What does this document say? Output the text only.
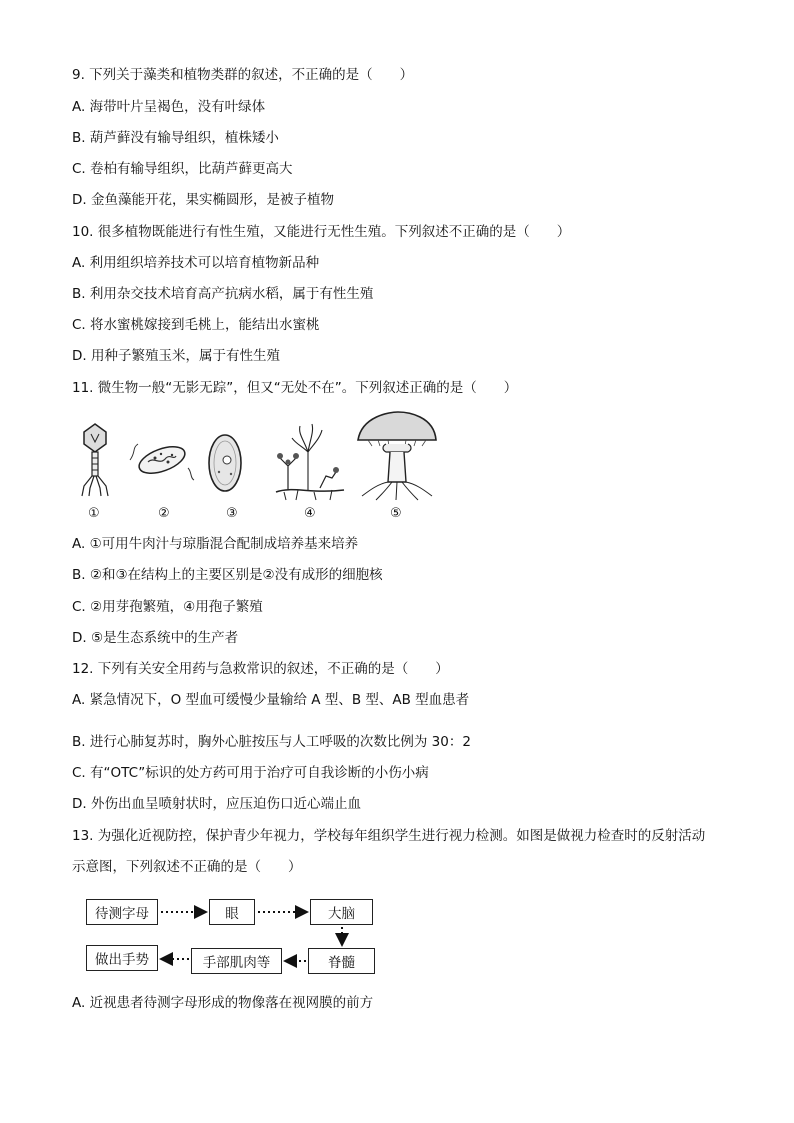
9. 下列关于藻类和植物类群的叙述，不正确的是（　　）
A. 海带叶片呈褐色，没有叶绿体
B. 葫芦藓没有输导组织，植株矮小
C. 卷柏有输导组织，比葫芦藓更高大
D. 金鱼藻能开花，果实椭圆形，是被子植物
10. 很多植物既能进行有性生殖，又能进行无性生殖。下列叙述不正确的是（　　）
A. 利用组织培养技术可以培育植物新品种
B. 利用杂交技术培育高产抗病水稻，属于有性生殖
C. 将水蜜桃嫁接到毛桃上，能结出水蜜桃
D. 用种子繁殖玉米，属于有性生殖
11. 微生物一般“无影无踪”，但又“无处不在”。下列叙述正确的是（　　）
①	②	③	④	⑤
A. ①可用牛肉汁与琼脂混合配制成培养基来培养
B. ②和③在结构上的主要区别是②没有成形的细胞核
C. ②用芽孢繁殖，④用孢子繁殖
D. ⑤是生态系统中的生产者
12. 下列有关安全用药与急救常识的叙述，不正确的是（　　）
A. 紧急情况下，O 型血可缓慢少量输给 A 型、B 型、AB 型血患者
B. 进行心肺复苏时，胸外心脏按压与人工呼吸的次数比例为 30：2
C. 有“OTC”标识的处方药可用于治疗可自我诊断的小伤小病
D. 外伤出血呈喷射状时，应压迫伤口近心端止血
13. 为强化近视防控，保护青少年视力，学校每年组织学生进行视力检测。如图是做视力检查时的反射活动
示意图，下列叙述不正确的是（　　）
待测字母	眼	大脑
脊髓
手部肌肉等
做出手势
A. 近视患者待测字母形成的物像落在视网膜的前方
